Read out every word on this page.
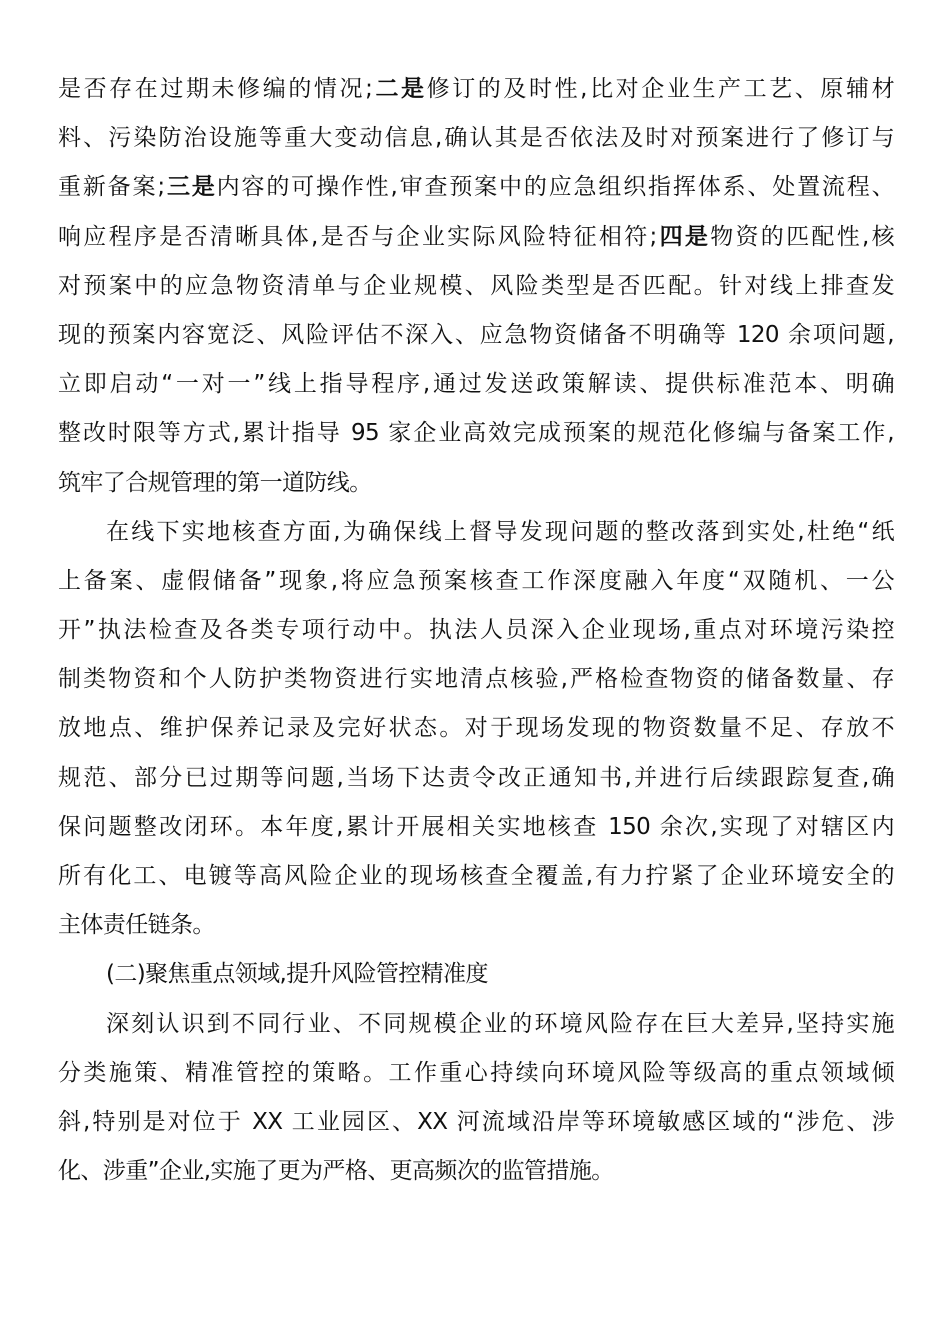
是否存在过期未修编的情况;二是修订的及时性,比对企业生产工艺、原辅材
料、污染防治设施等重大变动信息,确认其是否依法及时对预案进行了修订与
重新备案;三是内容的可操作性,审查预案中的应急组织指挥体系、处置流程、
响应程序是否清晰具体,是否与企业实际风险特征相符;四是物资的匹配性,核
对预案中的应急物资清单与企业规模、风险类型是否匹配。针对线上排查发
现的预案内容宽泛、风险评估不深入、应急物资储备不明确等 120 余项问题,
立即启动“一对一”线上指导程序,通过发送政策解读、提供标准范本、明确
整改时限等方式,累计指导 95 家企业高效完成预案的规范化修编与备案工作,
筑牢了合规管理的第一道防线。
在线下实地核查方面,为确保线上督导发现问题的整改落到实处,杜绝“纸
上备案、虚假储备”现象,将应急预案核查工作深度融入年度“双随机、一公
开”执法检查及各类专项行动中。执法人员深入企业现场,重点对环境污染控
制类物资和个人防护类物资进行实地清点核验,严格检查物资的储备数量、存
放地点、维护保养记录及完好状态。对于现场发现的物资数量不足、存放不
规范、部分已过期等问题,当场下达责令改正通知书,并进行后续跟踪复查,确
保问题整改闭环。本年度,累计开展相关实地核查 150 余次,实现了对辖区内
所有化工、电镀等高风险企业的现场核查全覆盖,有力拧紧了企业环境安全的
主体责任链条。
(二)聚焦重点领域,提升风险管控精准度
深刻认识到不同行业、不同规模企业的环境风险存在巨大差异,坚持实施
分类施策、精准管控的策略。工作重心持续向环境风险等级高的重点领域倾
斜,特别是对位于 XX 工业园区、XX 河流域沿岸等环境敏感区域的“涉危、涉
化、涉重”企业,实施了更为严格、更高频次的监管措施。
